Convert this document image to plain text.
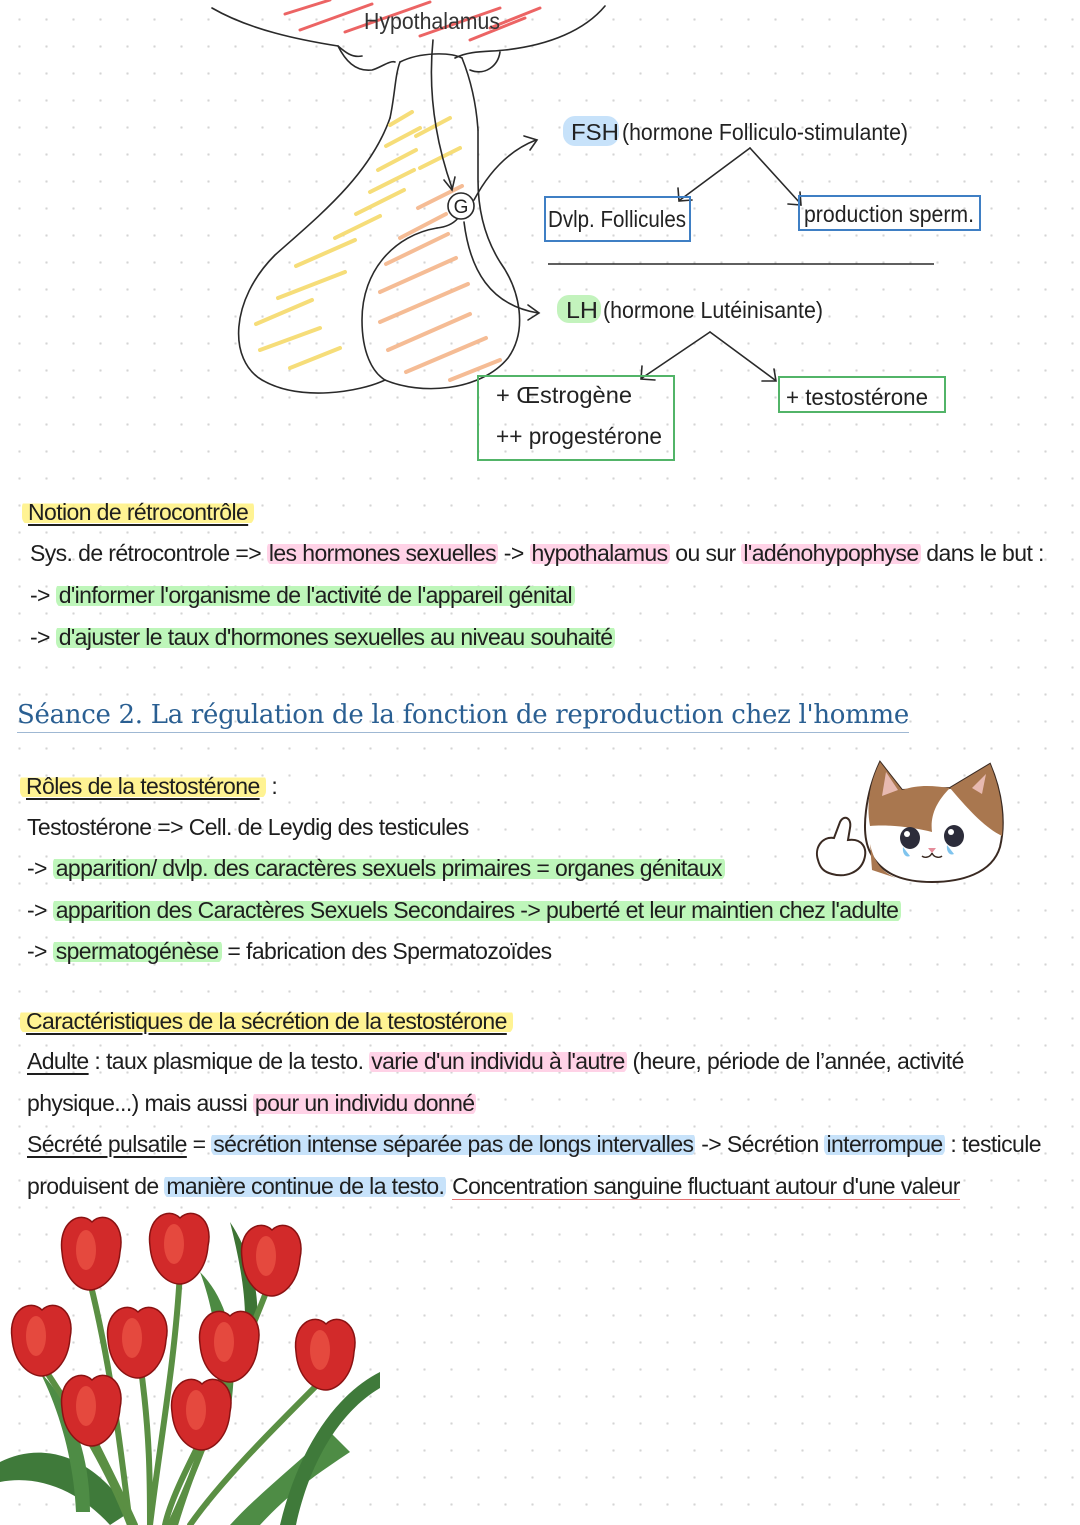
G
FSH (hormone Folliculo-stimulante)
Dvlp. Follicules	production sperm.
LH (hormone Lutéinisante)
+ Œstrogène
++ progestérone
+ testostérone
Hypothalamus
Notion de rétrocontrôle
Sys. de rétrocontrole => les hormones sexuelles -> hypothalamus ou sur l'adénohypophyse dans le but :
-> d'informer l'organisme de l'activité de l'appareil génital
-> d'ajuster le taux d'hormones sexuelles au niveau souhaité
Séance 2. La régulation de la fonction de reproduction chez l'homme
Rôles de la testostérone :
Testostérone => Cell. de Leydig des testicules
-> apparition/ dvlp. des caractères sexuels primaires = organes génitaux
-> apparition des Caractères Sexuels Secondaires -> puberté et leur maintien chez l'adulte
-> spermatogénèse = fabrication des Spermatozoïdes
Caractéristiques de la sécrétion de la testostérone
Adulte : taux plasmique de la testo. varie d'un individu à l'autre (heure, période de l’année, activité
physique...) mais aussi pour un individu donné
Sécrété pulsatile = sécrétion intense séparée pas de longs intervalles -> Sécrétion interrompue : testicule
produisent de manière continue de la testo. Concentration sanguine fluctuant autour d'une valeur
